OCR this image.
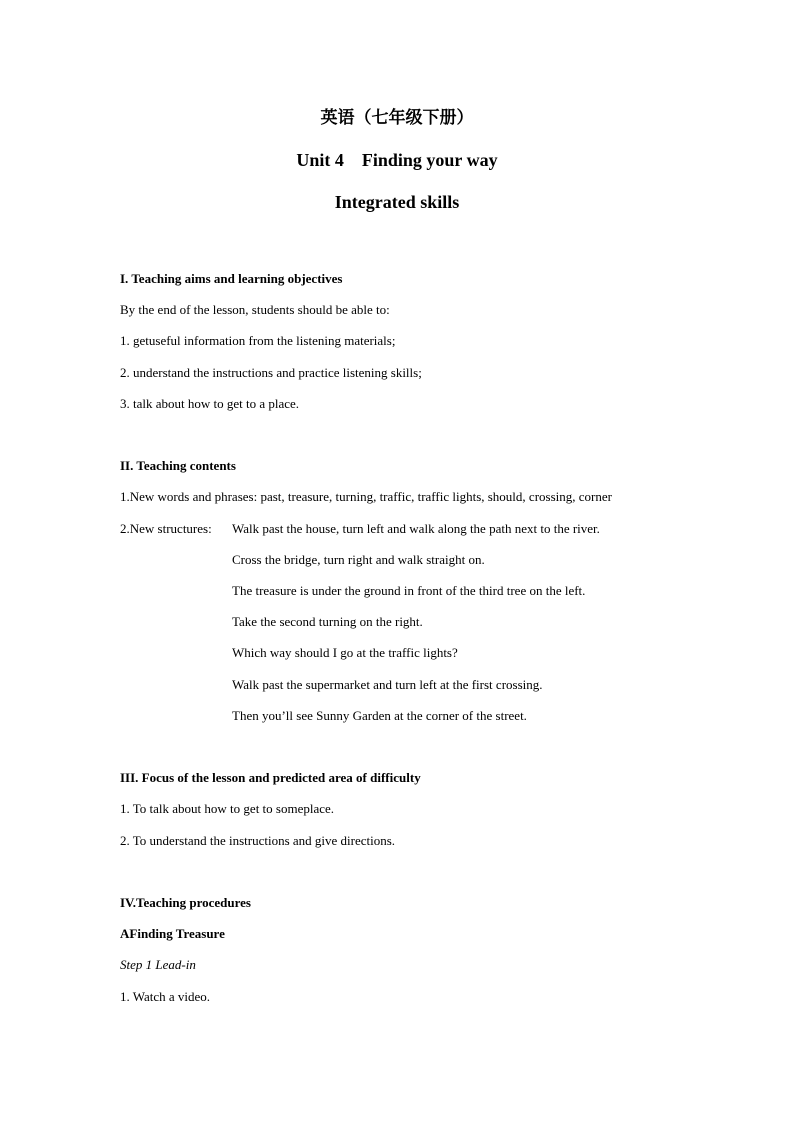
英语（七年级下册）
Unit 4    Finding your way
Integrated skills
I. Teaching aims and learning objectives
By the end of the lesson, students should be able to:
1. getuseful information from the listening materials;
2. understand the instructions and practice listening skills;
3. talk about how to get to a place.
II. Teaching contents
1.New words and phrases: past, treasure, turning, traffic, traffic lights, should, crossing, corner
2.New structures: Walk past the house, turn left and walk along the path next to the river.
Cross the bridge, turn right and walk straight on.
The treasure is under the ground in front of the third tree on the left.
Take the second turning on the right.
Which way should I go at the traffic lights?
Walk past the supermarket and turn left at the first crossing.
Then you’ll see Sunny Garden at the corner of the street.
III. Focus of the lesson and predicted area of difficulty
1. To talk about how to get to someplace.
2. To understand the instructions and give directions.
IV.Teaching procedures
AFinding Treasure
Step 1 Lead-in
1. Watch a video.
